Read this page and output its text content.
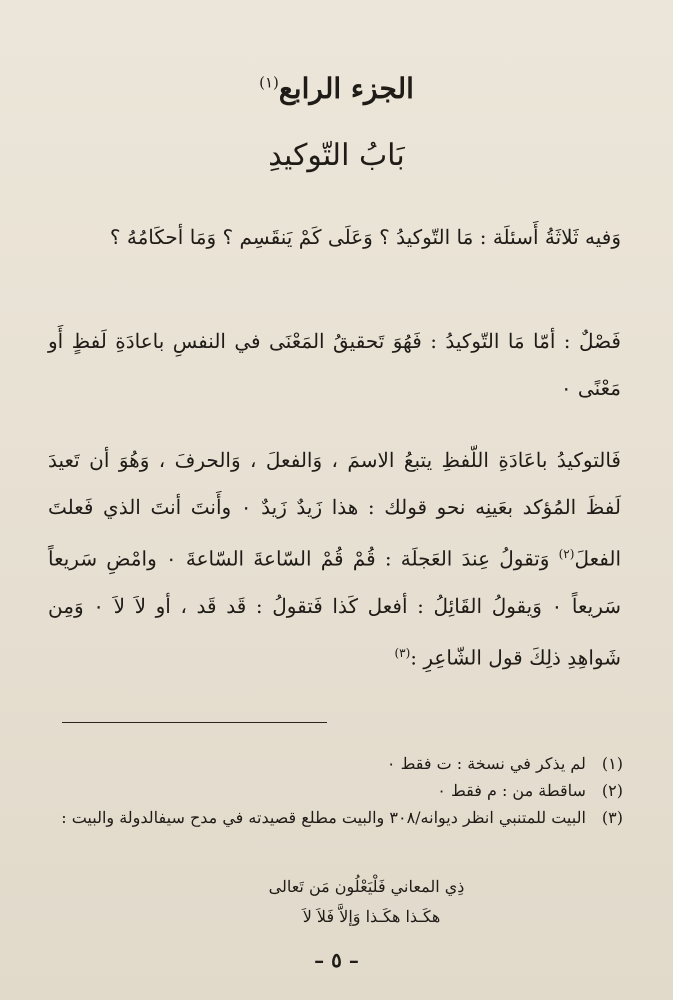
الجزء الرابع$^{(١)}$
بَابُ التّوكيدِ

وَفيه ثَلاثَةُ أَسئلَة : مَا التّوكيدُ ؟ وَعَلَى كَمْ يَنقَسِم ؟ وَمَا أحكَامُهُ ؟

فَصْلٌ : أمّا مَا التّوكيدُ : فَهُوَ تَحقيقُ المَعْنَى في النفسِ باعادَةِ لَفظٍ أَو مَعْنًى ٠

فَالتوكيدُ باعَادَةِ اللّفظِ يتبعُ الاسمَ ، وَالفعلَ ، وَالحرفَ ، وَهُوَ أن تَعيدَ لَفظَ المُؤكد بعَينِه نحو قولك : هذا زَيدٌ زَيدٌ ٠ وأَنتَ أنتَ الذي فَعلتَ الفعلَ$^{(٢)}$ وَتقولُ عِندَ العَجلَة : قُمْ قُمْ السّاعةَ السّاعةَ ٠ وامْضِ سَريعاً سَريعاً ٠ وَيقولُ القَائِلُ : أفعل كَذا فَتقولُ : قَد قَد ، أو لاَ لاَ ٠ وَمِن شَواهِدِ ذلِكَ قول الشّاعِرِ :$^{(٣)}$

(١)
لم يذكر في نسخة : ت فقط ٠
(٢)
ساقطة من : م فقط ٠
(٣)
البيت للمتنبي انظر ديوانه/٣٠٨ والبيت مطلع قصيدته في مدح سيفالدولة والبيت :
ذِي المعاني فَلْيَعْلُون مَن تَعالى
هكَـذا هكَـذا وَإلاَّ فَلاَ لاَ
– ٥ –
